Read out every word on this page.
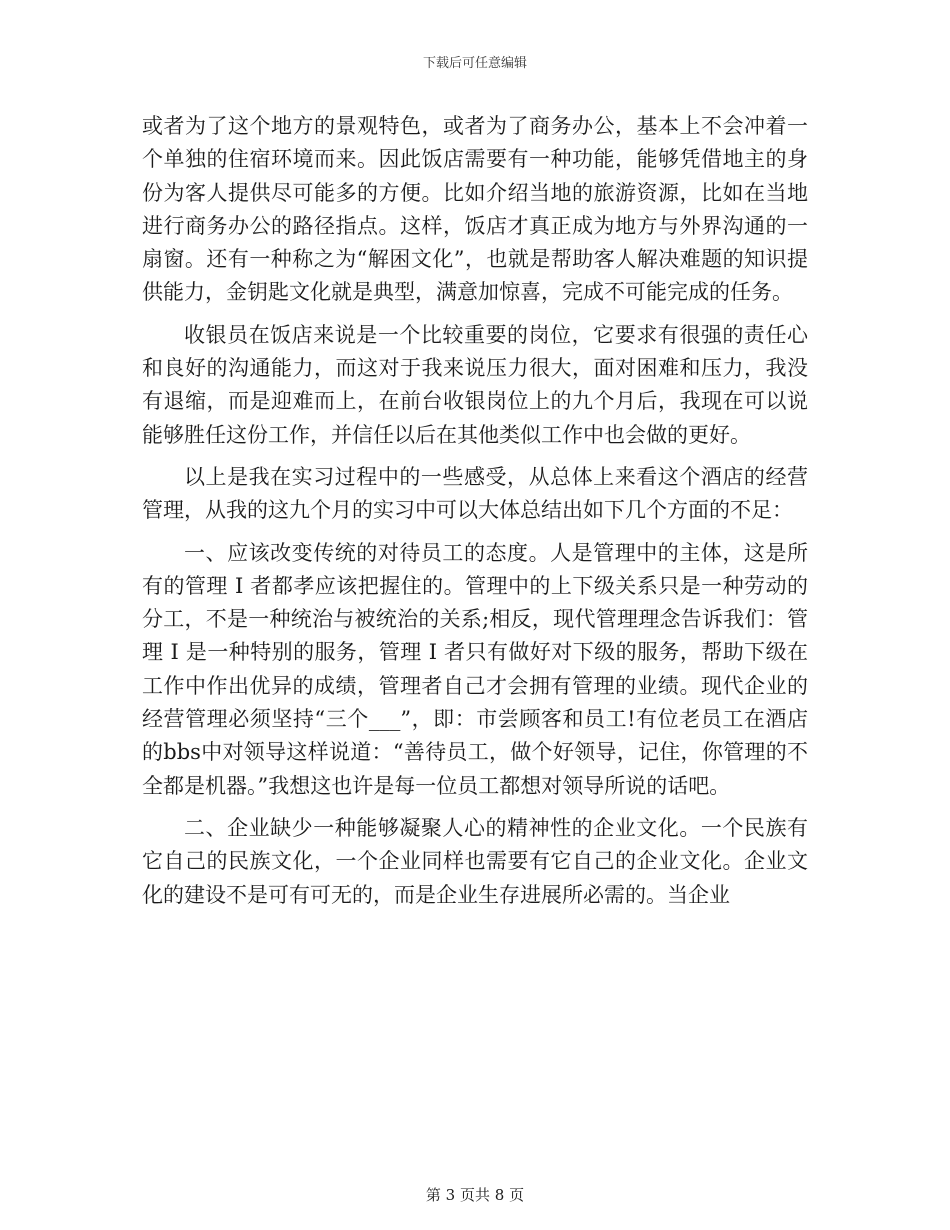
下载后可任意编辑

或者为了这个地方的景观特色，或者为了商务办公，基本上不会冲着一个单独的住宿环境而来。因此饭店需要有一种功能，能够凭借地主的身份为客人提供尽可能多的方便。比如介绍当地的旅游资源，比如在当地进行商务办公的路径指点。这样，饭店才真正成为地方与外界沟通的一扇窗。还有一种称之为“解困文化”，也就是帮助客人解决难题的知识提供能力，金钥匙文化就是典型，满意加惊喜，完成不可能完成的任务。

收银员在饭店来说是一个比较重要的岗位，它要求有很强的责任心和良好的沟通能力，而这对于我来说压力很大，面对困难和压力，我没有退缩，而是迎难而上，在前台收银岗位上的九个月后，我现在可以说能够胜任这份工作，并信任以后在其他类似工作中也会做的更好。

以上是我在实习过程中的一些感受，从总体上来看这个酒店的经营管理，从我的这九个月的实习中可以大体总结出如下几个方面的不足：

一、应该改变传统的对待员工的态度。人是管理中的主体，这是所有的管理 I 者都孝应该把握住的。管理中的上下级关系只是一种劳动的分工，不是一种统治与被统治的关系;相反，现代管理理念告诉我们：管理 I 是一种特别的服务，管理 I 者只有做好对下级的服务，帮助下级在工作中作出优异的成绩，管理者自己才会拥有管理的业绩。现代企业的经营管理必须坚持“三个___”，即：市尝顾客和员工!有位老员工在酒店的bbs中对领导这样说道：“善待员工，做个好领导，记住，你管理的不全都是机器。”我想这也许是每一位员工都想对领导所说的话吧。

二、企业缺少一种能够凝聚人心的精神性的企业文化。一个民族有它自己的民族文化，一个企业同样也需要有它自己的企业文化。企业文化的建设不是可有可无的，而是企业生存进展所必需的。当企业

第 3 页共 8 页
